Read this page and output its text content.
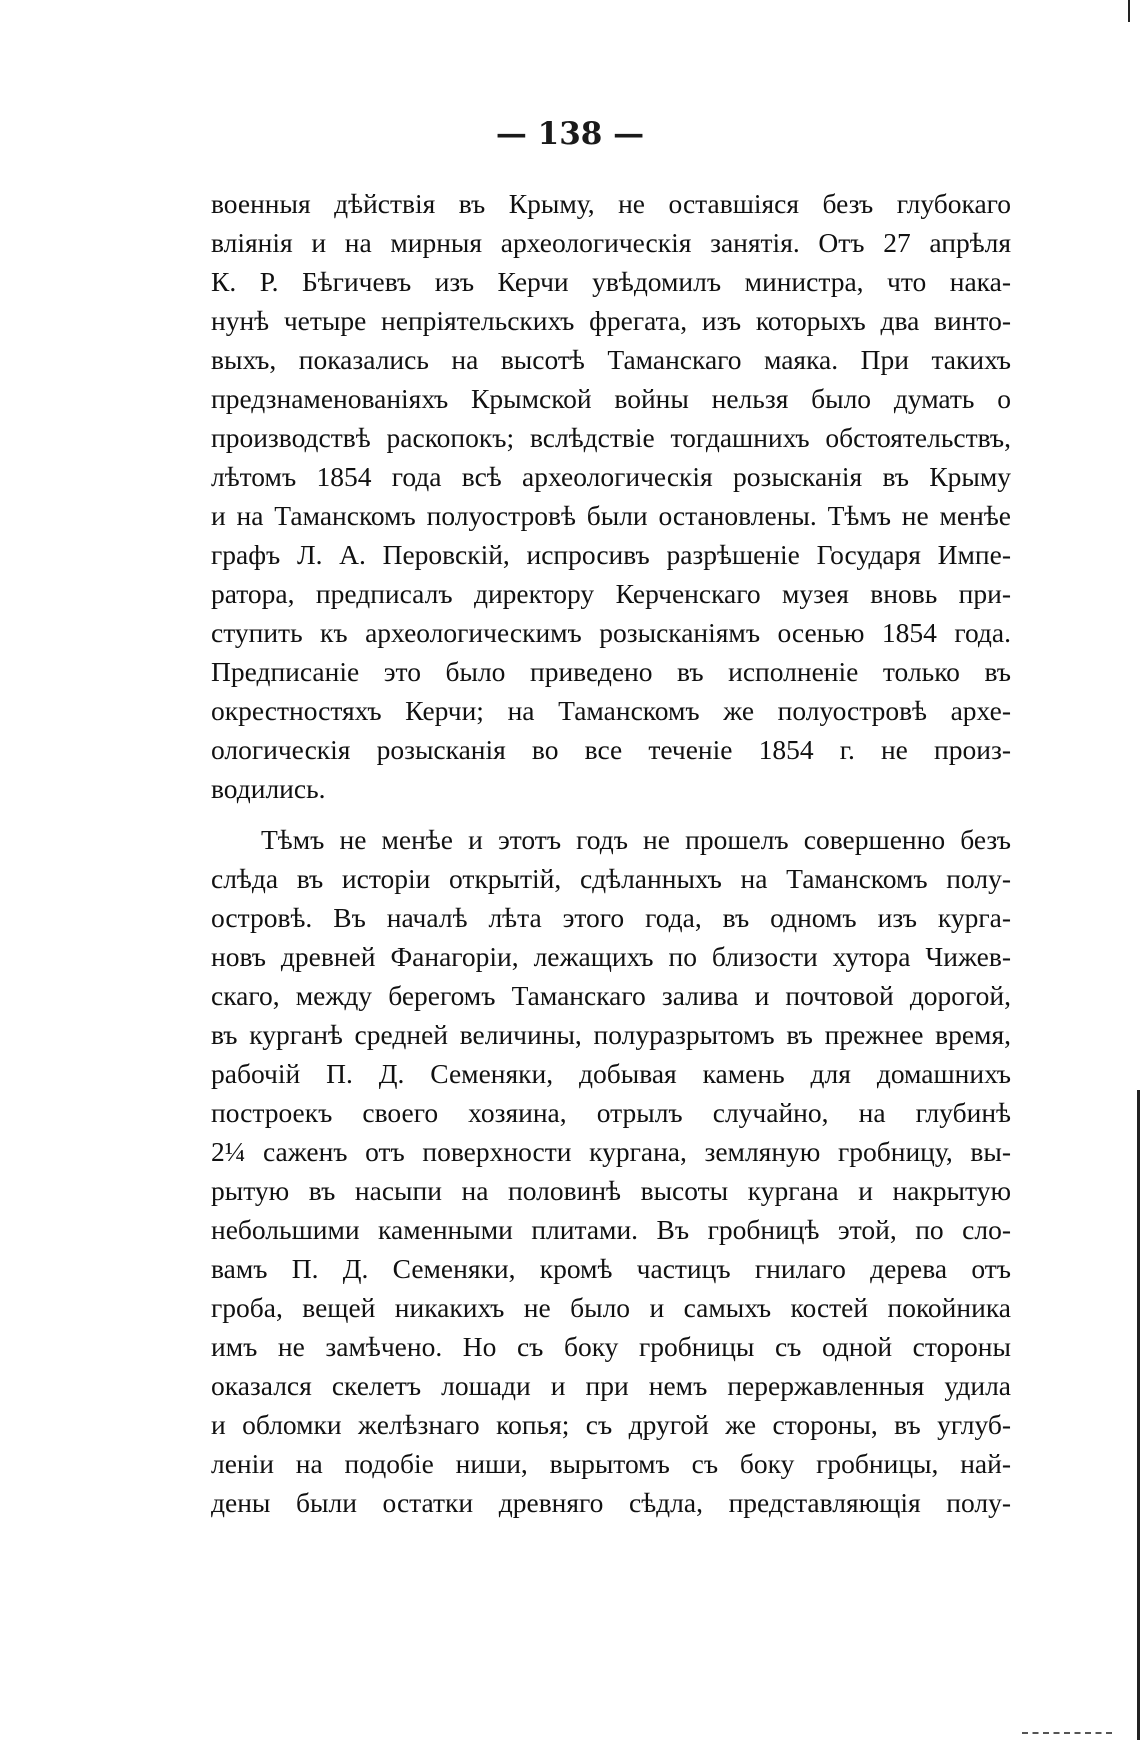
— 138 —
военныя дѣйствія въ Крыму, не оставшіяся безъ глубокаго
вліянія и на мирныя археологическія занятія. Отъ 27 апрѣля
К. Р. Бѣгичевъ изъ Керчи увѣдомилъ министра, что нака-
нунѣ четыре непріятельскихъ фрегата, изъ которыхъ два винто-
выхъ, показались на высотѣ Таманскаго маяка. При такихъ
предзнаменованіяхъ Крымской войны нельзя было думать о
производствѣ раскопокъ; вслѣдствіе тогдашнихъ обстоятельствъ,
лѣтомъ 1854 года всѣ археологическія розысканія въ Крыму
и на Таманскомъ полуостровѣ были остановлены. Тѣмъ не менѣе
графъ Л. А. Перовскій, испросивъ разрѣшеніе Государя Импе-
ратора, предписалъ директору Керченскаго музея вновь при-
ступить къ археологическимъ розысканіямъ осенью 1854 года.
Предписаніе это было приведено въ исполненіе только въ
окрестностяхъ Керчи; на Таманскомъ же полуостровѣ архе-
ологическія розысканія во все теченіе 1854 г. не произ-
водились.
Тѣмъ не менѣе и этотъ годъ не прошелъ совершенно безъ
слѣда въ исторіи открытій, сдѣланныхъ на Таманскомъ полу-
островѣ. Въ началѣ лѣта этого года, въ одномъ изъ курга-
новъ древней Фанагоріи, лежащихъ по близости хутора Чижев-
скаго, между берегомъ Таманскаго залива и почтовой дорогой,
въ курганѣ средней величины, полуразрытомъ въ прежнее время,
рабочій П. Д. Семеняки, добывая камень для домашнихъ
построекъ своего хозяина, отрылъ случайно, на глубинѣ
2¼ саженъ отъ поверхности кургана, земляную гробницу, вы-
рытую въ насыпи на половинѣ высоты кургана и накрытую
небольшими каменными плитами. Въ гробницѣ этой, по сло-
вамъ П. Д. Семеняки, кромѣ частицъ гнилаго дерева отъ
гроба, вещей никакихъ не было и самыхъ костей покойника
имъ не замѣчено. Но съ боку гробницы съ одной стороны
оказался скелетъ лошади и при немъ перержавленныя удила
и обломки желѣзнаго копья; съ другой же стороны, въ углуб-
леніи на подобіе ниши, вырытомъ съ боку гробницы, най-
дены были остатки древняго сѣдла, представляющія полу-
